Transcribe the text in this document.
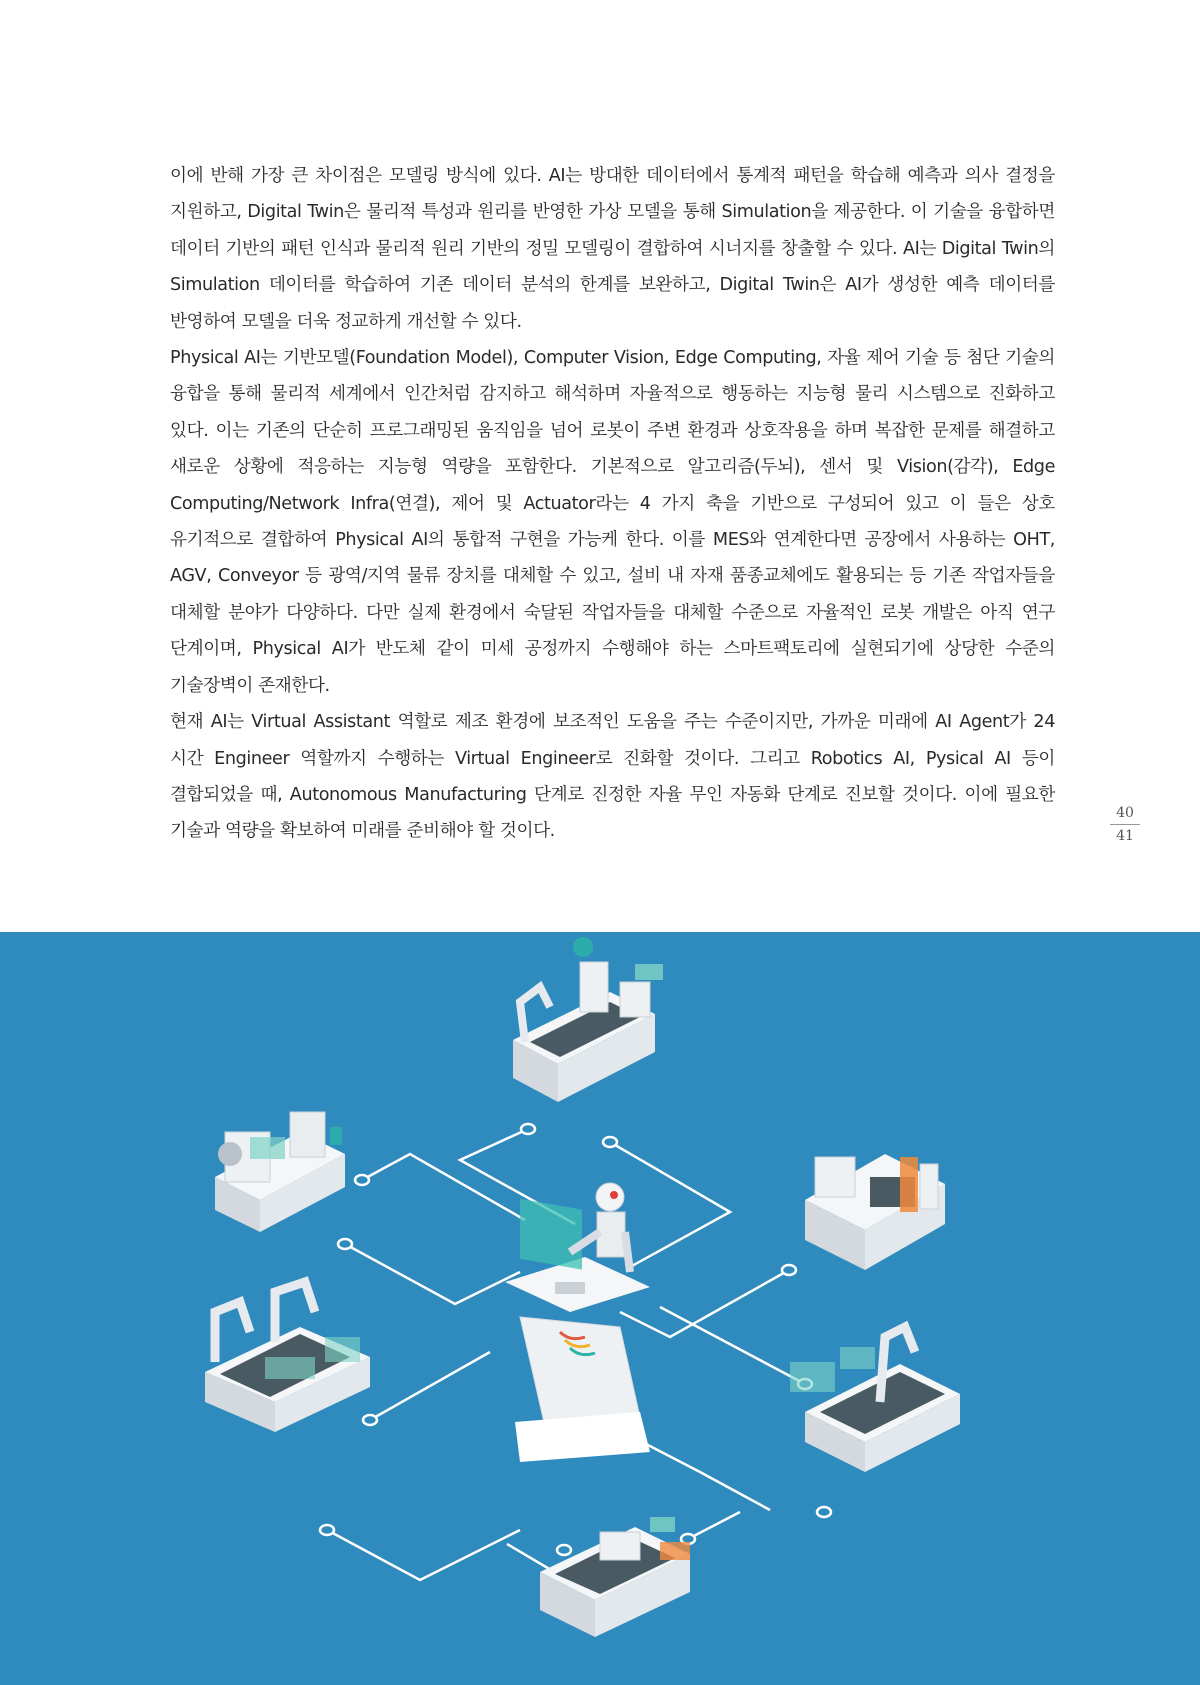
이에 반해 가장 큰 차이점은 모델링 방식에 있다. AI는 방대한 데이터에서 통계적 패턴을 학습해 예측과 의사 결정을 지원하고, Digital Twin은 물리적 특성과 원리를 반영한 가상 모델을 통해 Simulation을 제공한다. 이 기술을 융합하면 데이터 기반의 패턴 인식과 물리적 원리 기반의 정밀 모델링이 결합하여 시너지를 창출할 수 있다. AI는 Digital Twin의 Simulation 데이터를 학습하여 기존 데이터 분석의 한계를 보완하고, Digital Twin은 AI가 생성한 예측 데이터를 반영하여 모델을 더욱 정교하게 개선할 수 있다.

Physical AI는 기반모델(Foundation Model), Computer Vision, Edge Computing, 자율 제어 기술 등 첨단 기술의 융합을 통해 물리적 세계에서 인간처럼 감지하고 해석하며 자율적으로 행동하는 지능형 물리 시스템으로 진화하고 있다. 이는 기존의 단순히 프로그래밍된 움직임을 넘어 로봇이 주변 환경과 상호작용을 하며 복잡한 문제를 해결하고 새로운 상황에 적응하는 지능형 역량을 포함한다. 기본적으로 알고리즘(두뇌), 센서 및 Vision(감각), Edge Computing/Network Infra(연결), 제어 및 Actuator라는 4 가지 축을 기반으로 구성되어 있고 이 들은 상호 유기적으로 결합하여 Physical AI의 통합적 구현을 가능케 한다. 이를 MES와 연계한다면 공장에서 사용하는 OHT, AGV, Conveyor 등 광역/지역 물류 장치를 대체할 수 있고, 설비 내 자재 품종교체에도 활용되는 등 기존 작업자들을 대체할 분야가 다양하다. 다만 실제 환경에서 숙달된 작업자들을 대체할 수준으로 자율적인 로봇 개발은 아직 연구 단계이며, Physical AI가 반도체 같이 미세 공정까지 수행해야 하는 스마트팩토리에 실현되기에 상당한 수준의 기술장벽이 존재한다.

현재 AI는 Virtual Assistant 역할로 제조 환경에 보조적인 도움을 주는 수준이지만, 가까운 미래에 AI Agent가 24 시간 Engineer 역할까지 수행하는 Virtual Engineer로 진화할 것이다. 그리고 Robotics AI, Pysical AI 등이 결합되었을 때, Autonomous Manufacturing 단계로 진정한 자율 무인 자동화 단계로 진보할 것이다. 이에 필요한 기술과 역량을 확보하여 미래를 준비해야 할 것이다.

40
41
